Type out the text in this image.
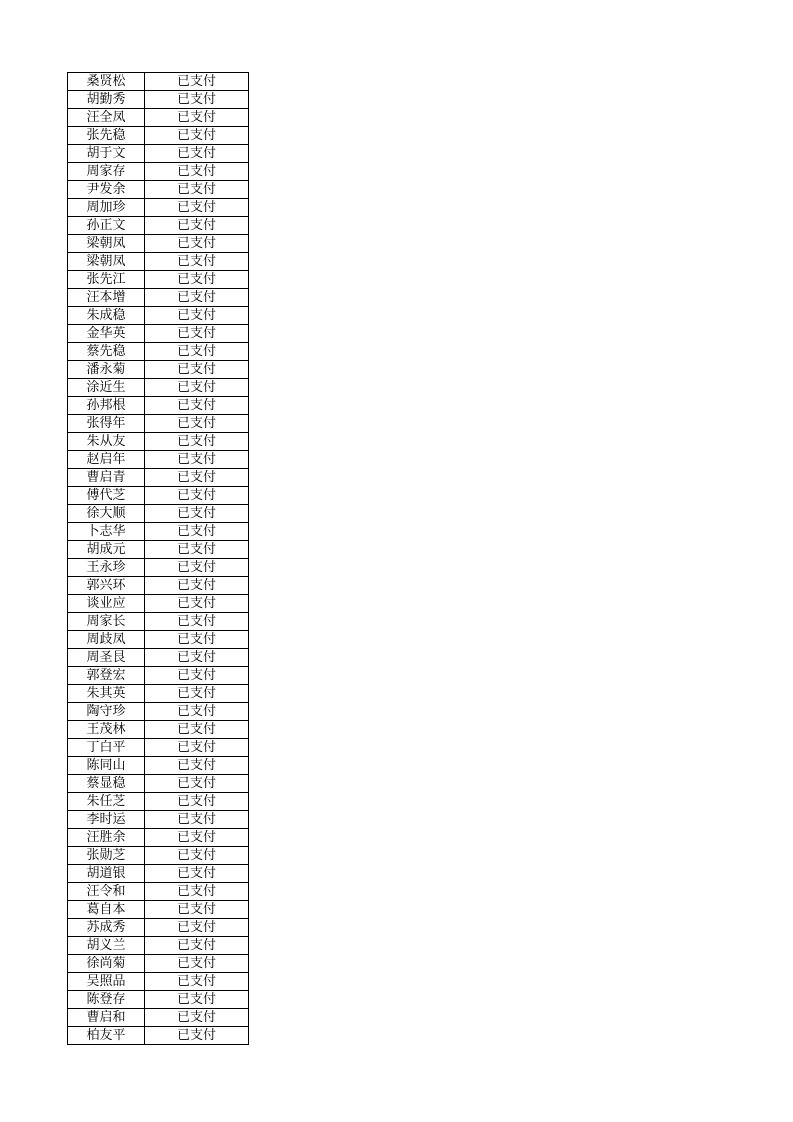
桑贤松	已支付
胡勤秀	已支付
汪全凤	已支付
张先稳	已支付
胡于文	已支付
周家存	已支付
尹发余	已支付
周加珍	已支付
孙正文	已支付
梁朝凤	已支付
梁朝凤	已支付
张先江	已支付
汪本增	已支付
朱成稳	已支付
金华英	已支付
蔡先稳	已支付
潘永菊	已支付
涂近生	已支付
孙邦根	已支付
张得年	已支付
朱从友	已支付
赵启年	已支付
曹启青	已支付
傅代芝	已支付
徐大顺	已支付
卜志华	已支付
胡成元	已支付
王永珍	已支付
郭兴环	已支付
谈业应	已支付
周家长	已支付
周歧凤	已支付
周圣艮	已支付
郭登宏	已支付
朱其英	已支付
陶守珍	已支付
王茂林	已支付
丁白平	已支付
陈同山	已支付
蔡显稳	已支付
朱任芝	已支付
李时运	已支付
汪胜余	已支付
张勋芝	已支付
胡道银	已支付
汪令和	已支付
葛自本	已支付
苏成秀	已支付
胡义兰	已支付
徐尚菊	已支付
吴照品	已支付
陈登存	已支付
曹启和	已支付
柏友平	已支付
